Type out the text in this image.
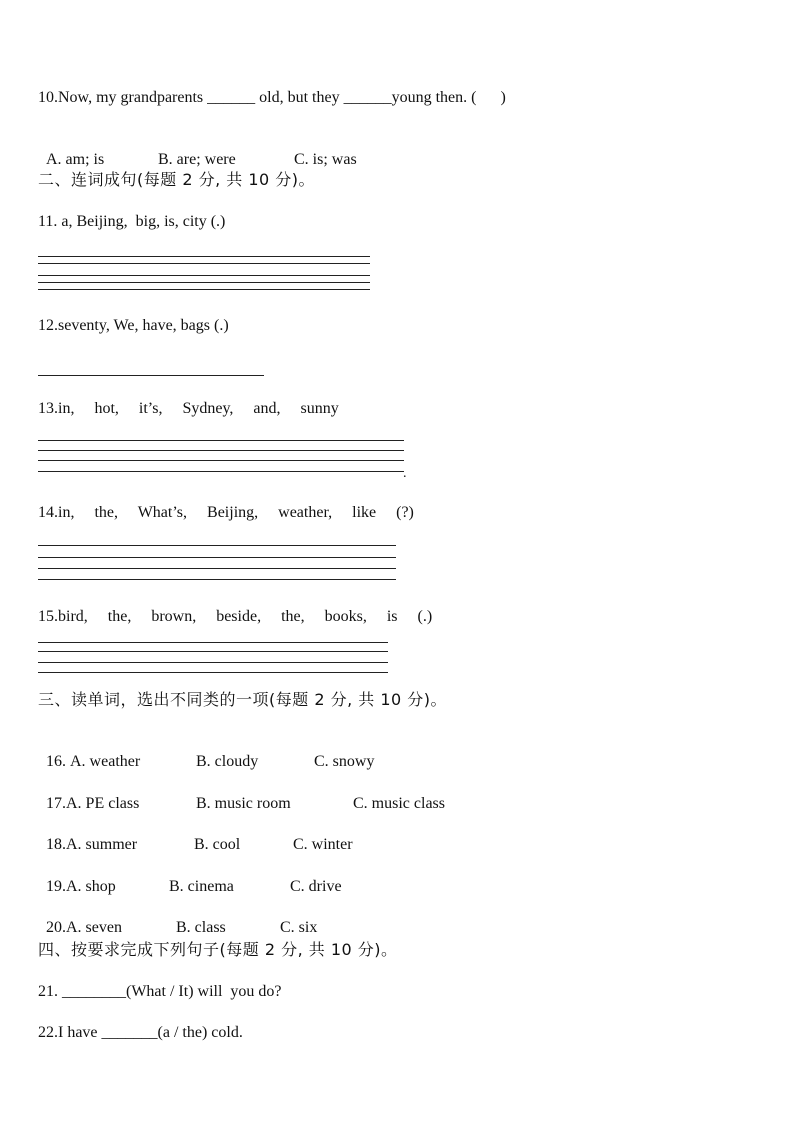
10.Now, my grandparents ______ old, but they ______young then. (      )

A. am; is	B. are; were	C. is; was

二、连词成句(每题 2 分, 共 10 分)。
11. a, Beijing,  big, is, city (.)
12.seventy, We, have, bags (.)
13.in,     hot,     it’s,     Sydney,     and,     sunny
.
14.in,     the,     What’s,     Beijing,     weather,     like     (?)
15.bird,     the,     brown,     beside,     the,     books,     is     (.)
三、读单词，选出不同类的一项(每题 2 分, 共 10 分)。

16. A. weather	B. cloudy	C. snowy

17.A. PE class	B. music room	C. music class

18.A. summer	B. cool	C. winter

19.A. shop	B. cinema	C. drive

20.A. seven	B. class	C. six

四、按要求完成下列句子(每题 2 分, 共 10 分)。
21. ________(What / It) will  you do?
22.I have _______(a / the) cold.
